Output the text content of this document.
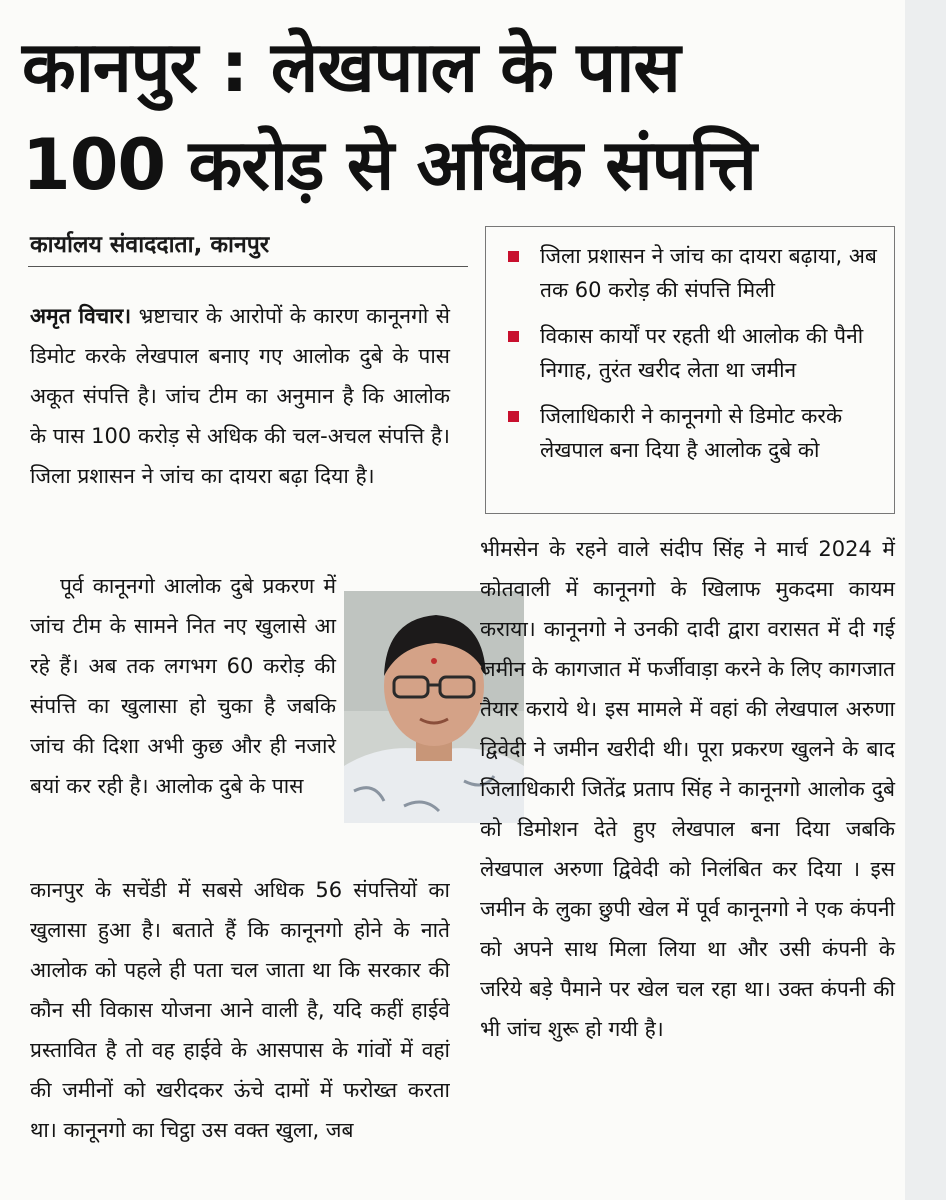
कानपुर : लेखपाल के पास
100 करोड़ से अधिक संपत्ति
कार्यालय संवाददाता, कानपुर

अमृत विचार। भ्रष्टाचार के आरोपों के कारण कानूनगो से डिमोट करके लेखपाल बनाए गए आलोक दुबे के पास अकूत संपत्ति है। जांच टीम का अनुमान है कि आलोक के पास 100 करोड़ से अधिक की चल-अचल संपत्ति है। जिला प्रशासन ने जांच का दायरा बढ़ा दिया है।

पूर्व कानूनगो आलोक दुबे प्रकरण में जांच टीम के सामने नित नए खुलासे आ रहे हैं। अब तक लगभग 60 करोड़ की संपत्ति का खुलासा हो चुका है जबकि जांच की दिशा अभी कुछ और ही नजारे बयां कर रही है। आलोक दुबे के पास

कानपुर के सचेंडी में सबसे अधिक 56 संपत्तियों का खुलासा हुआ है। बताते हैं कि कानूनगो होने के नाते आलोक को पहले ही पता चल जाता था कि सरकार की कौन सी विकास योजना आने वाली है, यदि कहीं हाईवे प्रस्तावित है तो वह हाईवे के आसपास के गांवों में वहां की जमीनों को खरीदकर ऊंचे दामों में फरोख्त करता था। कानूनगो का चिट्ठा उस वक्त खुला, जब

जिला प्रशासन ने जांच का दायरा बढ़ाया, अब तक 60 करोड़ की संपत्ति मिली
विकास कार्यों पर रहती थी आलोक की पैनी निगाह, तुरंत खरीद लेता था जमीन
जिलाधिकारी ने कानूनगो से डिमोट करके लेखपाल बना दिया है आलोक दुबे को

भीमसेन के रहने वाले संदीप सिंह ने मार्च 2024 में कोतवाली में कानूनगो के खिलाफ मुकदमा कायम कराया। कानूनगो ने उनकी दादी द्वारा वरासत में दी गई जमीन के कागजात में फर्जीवाड़ा करने के लिए कागजात तैयार कराये थे। इस मामले में वहां की लेखपाल अरुणा द्विवेदी ने जमीन खरीदी थी। पूरा प्रकरण खुलने के बाद जिलाधिकारी जितेंद्र प्रताप सिंह ने कानूनगो आलोक दुबे को डिमोशन देते हुए लेखपाल बना दिया जबकि लेखपाल अरुणा द्विवेदी को निलंबित कर दिया । इस जमीन के लुका छुपी खेल में पूर्व कानूनगो ने एक कंपनी को अपने साथ मिला लिया था और उसी कंपनी के जरिये बड़े पैमाने पर खेल चल रहा था। उक्त कंपनी की भी जांच शुरू हो गयी है।
